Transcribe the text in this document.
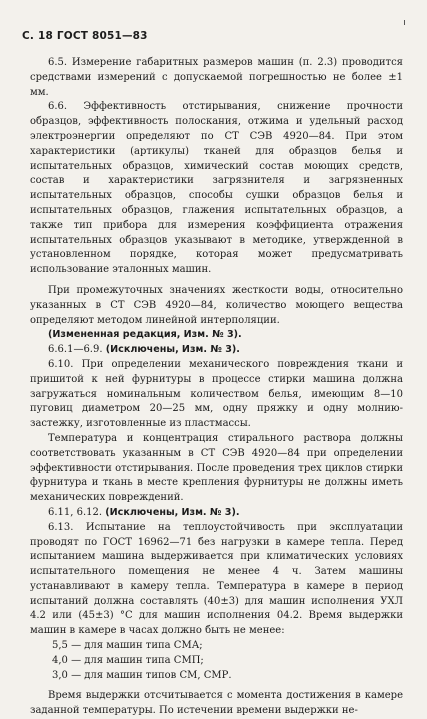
С. 18 ГОСТ 8051—83

6.5. Измерение габаритных размеров машин (п. 2.3) проводится средствами измерений с допускаемой погрешностью не более ±1 мм.

6.6. Эффективность отстирывания, снижение прочности образцов, эффективность полоскания, отжима и удельный расход электроэнергии определяют по СТ СЭВ 4920—84. При этом характеристики (артикулы) тканей для образцов белья и испытательных образцов, химический состав моющих средств, состав и характеристики загрязнителя и загрязненных испытательных образцов, способы сушки образцов белья и испытательных образцов, глажения испытательных образцов, а также тип прибора для измерения коэффициента отражения испытательных образцов указывают в методике, утвержденной в установленном порядке, которая может предусматривать использование эталонных машин.

При промежуточных значениях жесткости воды, относительно указанных в СТ СЭВ 4920—84, количество моющего вещества определяют методом линейной интерполяции.

(Измененная редакция, Изм. № 3).

6.6.1—6.9. (Исключены, Изм. № 3).

6.10. При определении механического повреждения ткани и пришитой к ней фурнитуры в процессе стирки машина должна загружаться номинальным количеством белья, имеющим 8—10 пуговиц диаметром 20—25 мм, одну пряжку и одну молнию-застежку, изготовленные из пластмассы.

Температура и концентрация стирального раствора должны соответствовать указанным в СТ СЭВ 4920—84 при определении эффективности отстирывания. После проведения трех циклов стирки фурнитура и ткань в месте крепления фурнитуры не должны иметь механических повреждений.

6.11, 6.12. (Исключены, Изм. № 3).

6.13. Испытание на теплоустойчивость при эксплуатации проводят по ГОСТ 16962—71 без нагрузки в камере тепла. Перед испытанием машина выдерживается при климатических условиях испытательного помещения не менее 4 ч. Затем машины устанавливают в камеру тепла. Температура в камере в период испытаний должна составлять (40±3) для машин исполнения УХЛ 4.2 или (45±3) °С для машин исполнения 04.2. Время выдержки машин в камере в часах должно быть не менее:

5,5 — для машин типа СМА;

4,0 — для машин типа СМП;

3,0 — для машин типов СМ, СМР.

Время выдержки отсчитывается с момента достижения в камере заданной температуры. По истечении времени выдержки не-
